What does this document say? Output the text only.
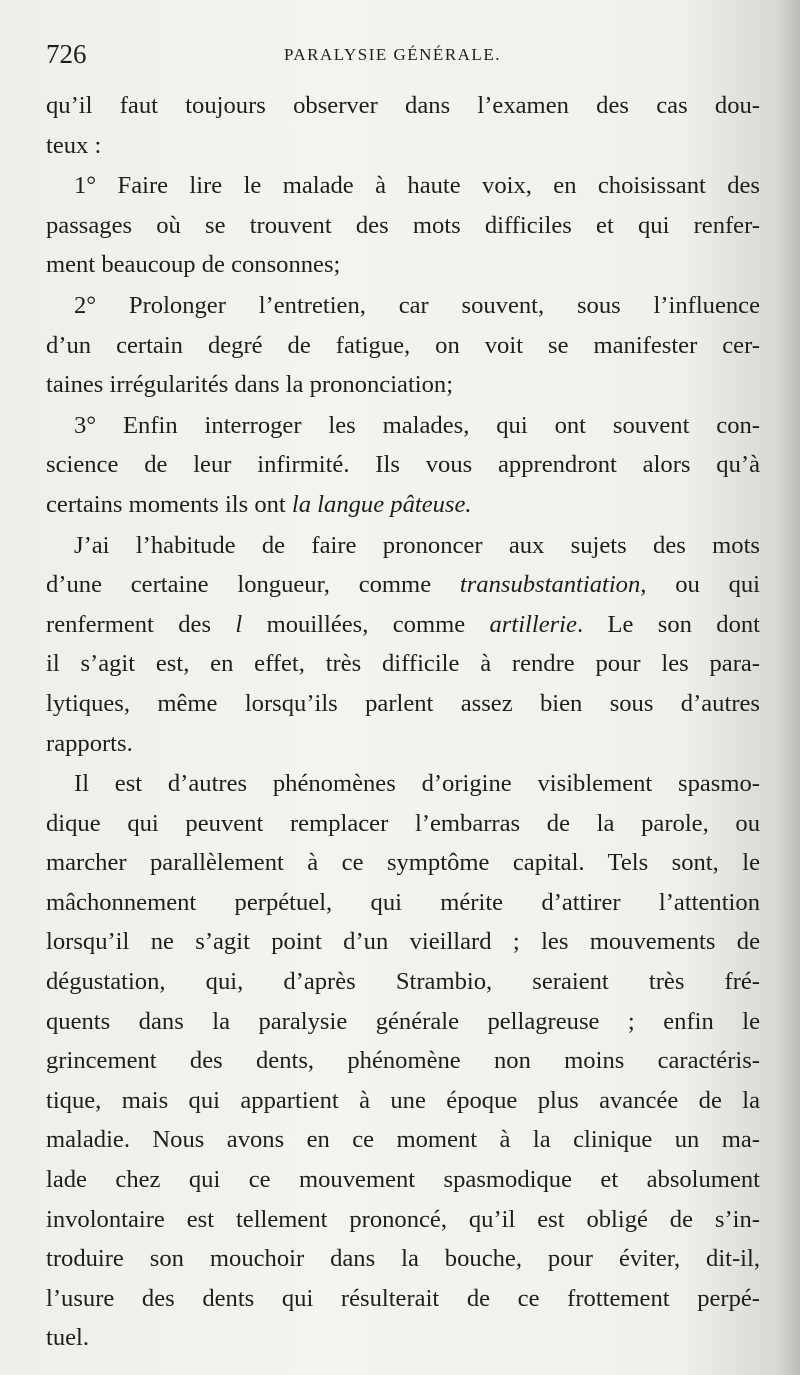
726	PARALYSIE GÉNÉRALE.
qu’il faut toujours observer dans l’examen des cas dou-
teux :
1° Faire lire le malade à haute voix, en choisissant des
passages où se trouvent des mots difficiles et qui renfer-
ment beaucoup de consonnes;
2° Prolonger l’entretien, car souvent, sous l’influence
d’un certain degré de fatigue, on voit se manifester cer-
taines irrégularités dans la prononciation;
3° Enfin interroger les malades, qui ont souvent con-
science de leur infirmité. Ils vous apprendront alors qu’à
certains moments ils ont la langue pâteuse.
J’ai l’habitude de faire prononcer aux sujets des mots
d’une certaine longueur, comme transubstantiation, ou qui
renferment des l mouillées, comme artillerie. Le son dont
il s’agit est, en effet, très difficile à rendre pour les para-
lytiques, même lorsqu’ils parlent assez bien sous d’autres
rapports.
Il est d’autres phénomènes d’origine visiblement spasmo-
dique qui peuvent remplacer l’embarras de la parole, ou
marcher parallèlement à ce symptôme capital. Tels sont, le
mâchonnement perpétuel, qui mérite d’attirer l’attention
lorsqu’il ne s’agit point d’un vieillard ; les mouvements de
dégustation, qui, d’après Strambio, seraient très fré-
quents dans la paralysie générale pellagreuse ; enfin le
grincement des dents, phénomène non moins caractéris-
tique, mais qui appartient à une époque plus avancée de la
maladie. Nous avons en ce moment à la clinique un ma-
lade chez qui ce mouvement spasmodique et absolument
involontaire est tellement prononcé, qu’il est obligé de s’in-
troduire son mouchoir dans la bouche, pour éviter, dit-il,
l’usure des dents qui résulterait de ce frottement perpé-
tuel.
